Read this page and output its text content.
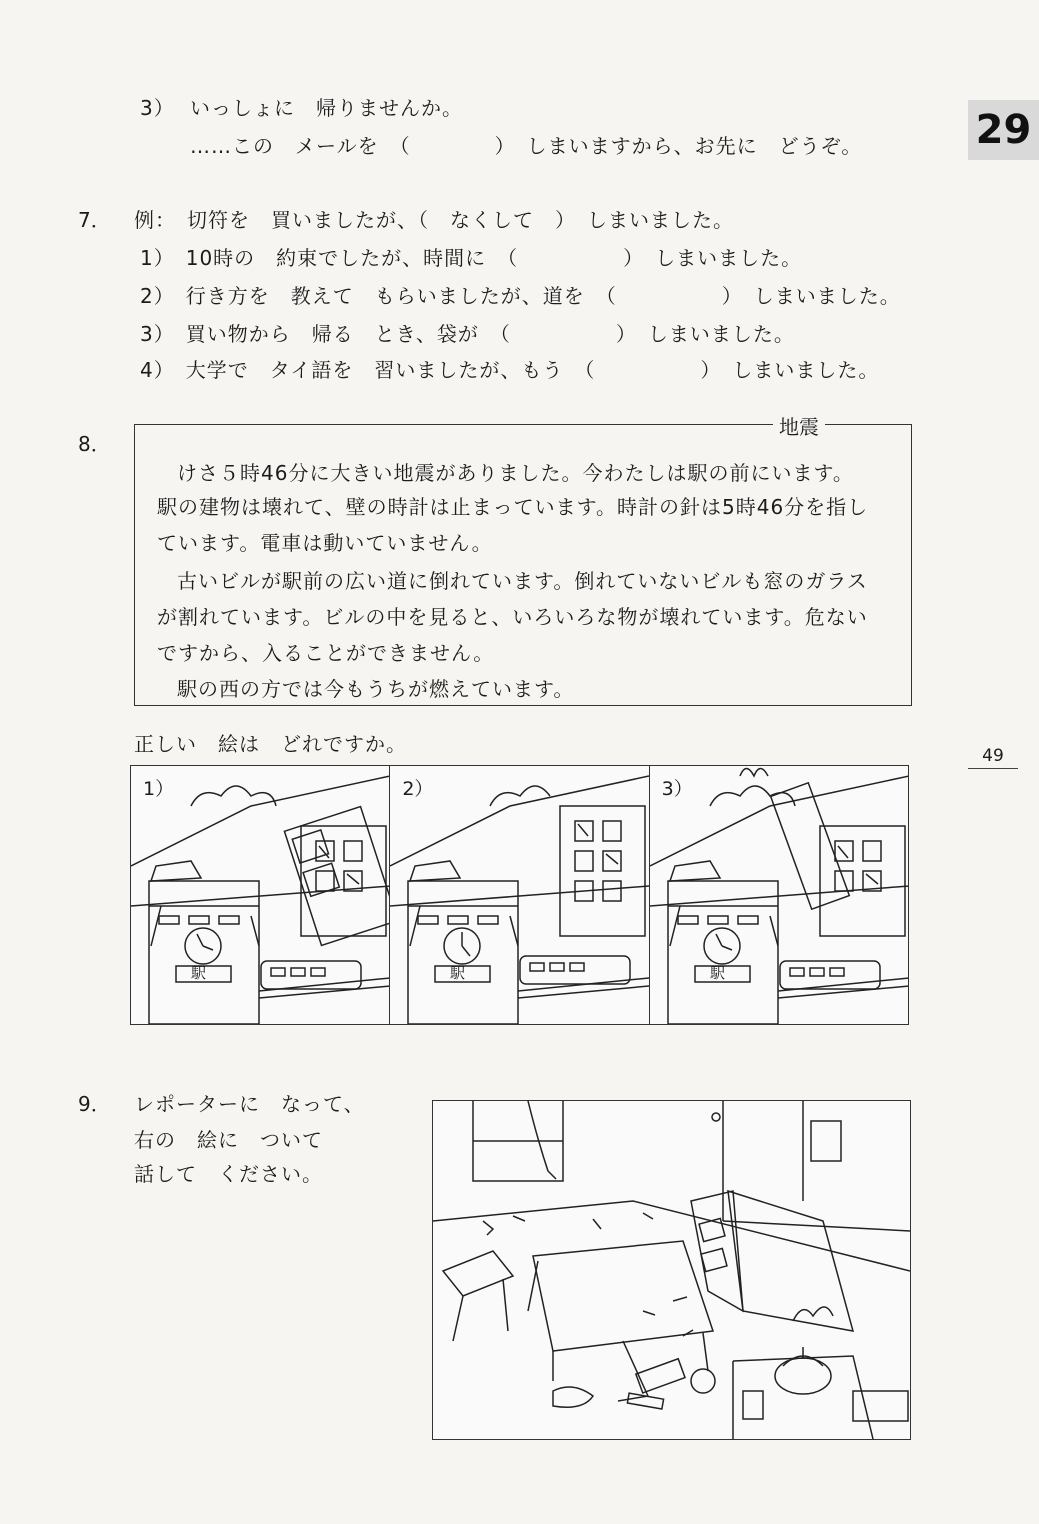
29
49
3） いっしょに　帰りませんか。
……この　メールを　（　　　　）　しまいますから、お先に　どうぞ。
7． 例：　切符を　買いましたが、（　なくして　）　しまいました。
1）　10時の　約束でしたが、時間に　（　　　　　）　しまいました。
2）　行き方を　教えて　もらいましたが、道を　（　　　　　）　しまいました。
3）　買い物から　帰る　とき、袋が　（　　　　　）　しまいました。
4）　大学で　タイ語を　習いましたが、もう　（　　　　　）　しまいました。
8．
地震
けさ５時46分に大きい地震がありました。今わたしは駅の前にいます。
駅の建物は壊れて、壁の時計は止まっています。時計の針は5時46分を指し
ています。電車は動いていません。
古いビルが駅前の広い道に倒れています。倒れていないビルも窓のガラス
が割れています。ビルの中を見ると、いろいろな物が壊れています。危ない
ですから、入ることができません。
駅の西の方では今もうちが燃えています。
正しい　絵は　どれですか。
駅
1）
駅
2）
駅
3）
9． レポーターに　なって、
右の　絵に　ついて
話して　ください。
